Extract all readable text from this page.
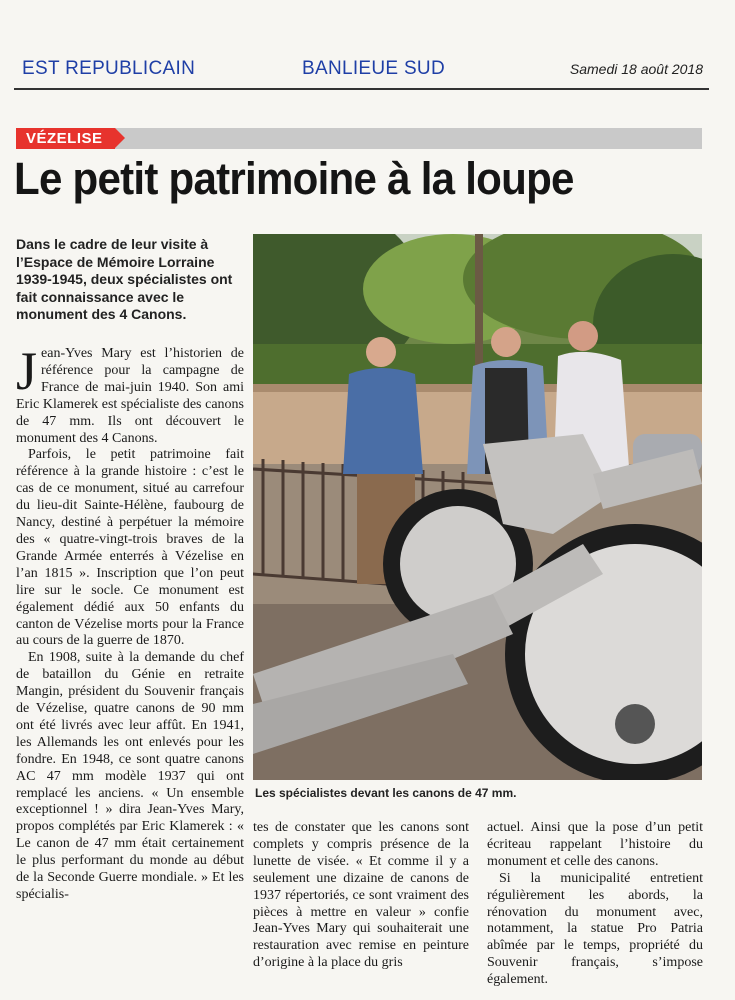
EST REPUBLICAIN	BANLIEUE SUD	Samedi 18 août 2018
VÉZELISE
Le petit patrimoine à la loupe
Dans le cadre de leur visite à l’Espace de Mémoire Lorraine 1939-1945, deux spécialistes ont fait connaissance avec le monument des 4 Canons.

Jean-Yves Mary est l’historien de référence pour la campagne de France de mai-juin 1940. Son ami Eric Klamerek est spécialiste des canons de 47 mm. Ils ont découvert le monument des 4 Canons.

Parfois, le petit patrimoine fait référence à la grande histoire : c’est le cas de ce monument, situé au carrefour du lieu-dit Sainte-Hélène, faubourg de Nancy, destiné à perpétuer la mémoire des « quatre-vingt-trois braves de la Grande Armée enterrés à Vézelise en l’an 1815 ». Inscription que l’on peut lire sur le socle. Ce monument est également dédié aux 50 enfants du canton de Vézelise morts pour la France au cours de la guerre de 1870.

En 1908, suite à la demande du chef de bataillon du Génie en retraite Mangin, président du Souvenir français de Vézelise, quatre canons de 90 mm ont été livrés avec leur affût. En 1941, les Allemands les ont enlevés pour les fondre. En 1948, ce sont quatre canons AC 47 mm modèle 1937 qui ont remplacé les anciens. « Un ensemble exceptionnel ! » dira Jean-Yves Mary, propos complétés par Eric Klamerek : « Le canon de 47 mm était certainement le plus performant du monde au début de la Seconde Guerre mondiale. » Et les spécialis-

Les spécialistes devant les canons de 47 mm.

tes de constater que les canons sont complets y compris présence de la lunette de visée. « Et comme il y a seulement une dizaine de canons de 1937 répertoriés, ce sont vraiment des pièces à mettre en valeur » confie Jean-Yves Mary qui souhaiterait une restauration avec remise en peinture d’origine à la place du gris

actuel. Ainsi que la pose d’un petit écriteau rappelant l’histoire du monument et celle des canons.

Si la municipalité entretient régulièrement les abords, la rénovation du monument avec, notamment, la statue Pro Patria abîmée par le temps, propriété du Souvenir français, s’impose également.
